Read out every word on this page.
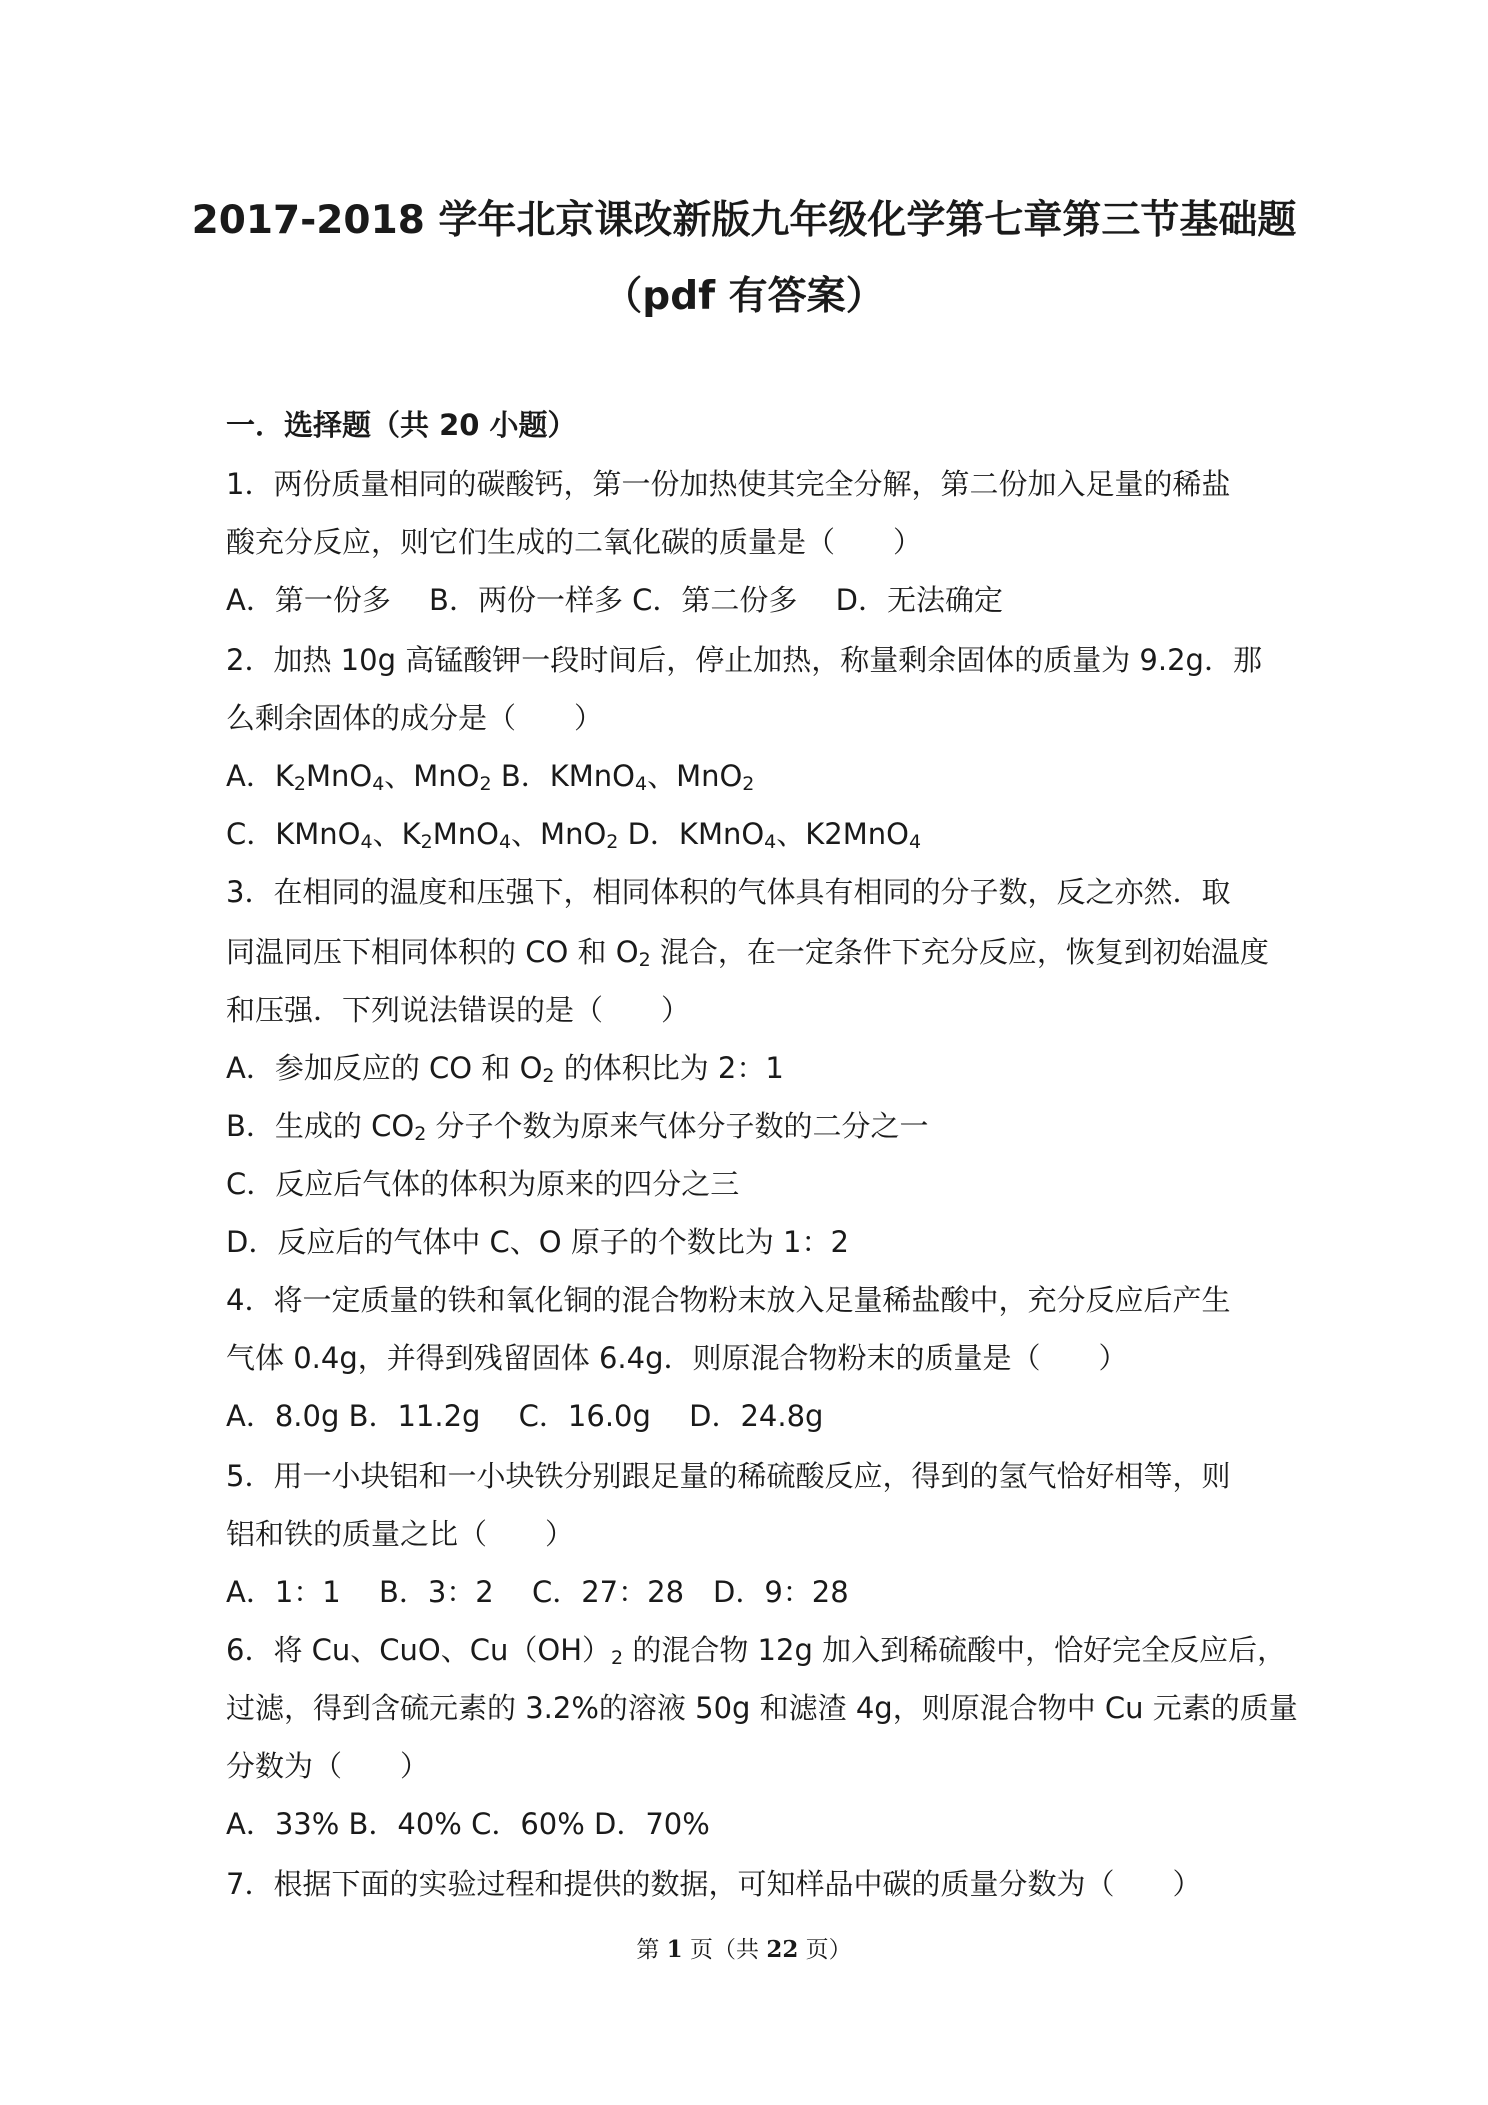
2017-2018 学年北京课改新版九年级化学第七章第三节基础题
（pdf 有答案）
一．选择题（共 20 小题）
1．两份质量相同的碳酸钙，第一份加热使其完全分解，第二份加入足量的稀盐
酸充分反应，则它们生成的二氧化碳的质量是（　　）
A．第一份多　 B．两份一样多 C．第二份多　 D．无法确定
2．加热 10g 高锰酸钾一段时间后，停止加热，称量剩余固体的质量为 9.2g．那
么剩余固体的成分是（　　）
A．$K_2MnO_4$、MnO$_2$ B．KMnO$_4$、MnO$_2$
C．KMnO$_4$、$K_2MnO_4$、MnO$_2$ D．KMnO$_4$、K2MnO$_4$
3．在相同的温度和压强下，相同体积的气体具有相同的分子数，反之亦然．取
同温同压下相同体积的 CO 和 $O_2$ 混合，在一定条件下充分反应，恢复到初始温度
和压强．下列说法错误的是（　　）
A．参加反应的 CO 和 $O_2$ 的体积比为 2：1
B．生成的 $CO_2$ 分子个数为原来气体分子数的二分之一
C．反应后气体的体积为原来的四分之三
D．反应后的气体中 C、O 原子的个数比为 1：2
4．将一定质量的铁和氧化铜的混合物粉末放入足量稀盐酸中，充分反应后产生
气体 0.4g，并得到残留固体 6.4g．则原混合物粉末的质量是（　　）
A．8.0g B．11.2g　 C．16.0g　 D．24.8g
5．用一小块铝和一小块铁分别跟足量的稀硫酸反应，得到的氢气恰好相等，则
铝和铁的质量之比（　　）
A．1：1　 B．3：2　 C．27：28　D．9：28
6．将 Cu、CuO、$Cu(OH)_2$ 的混合物 12g 加入到稀硫酸中，恰好完全反应后，
过滤，得到含硫元素的 3.2%的溶液 50g 和滤渣 4g，则原混合物中 Cu 元素的质量
分数为（　　）
A．33% B．40% C．60% D．70%
7．根据下面的实验过程和提供的数据，可知样品中碳的质量分数为（　　）
第 1 页（共 22 页）
